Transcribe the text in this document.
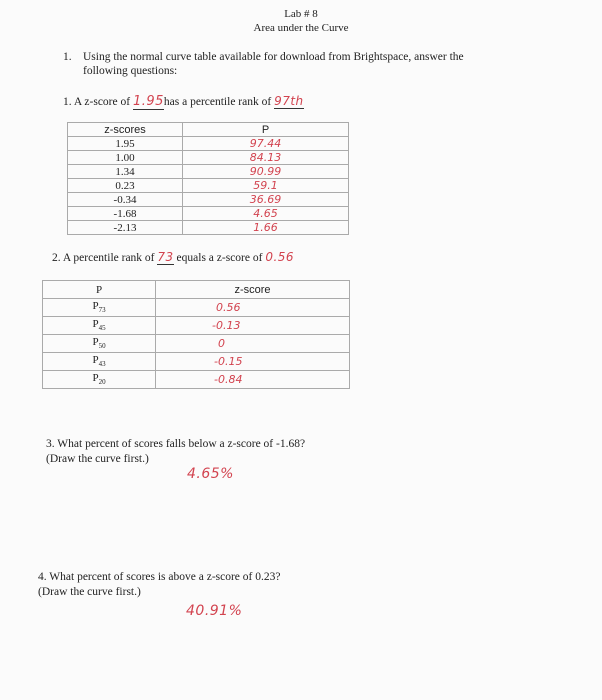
Lab # 8
Area under the Curve
1. Using the normal curve table available for download from Brightspace, answer the
following questions:
1. A z-score of 1.95has a percentile rank of 97th
z-scores	P
1.95	97.44
1.00	84.13
1.34	90.99
0.23	59.1
-0.34	36.69
-1.68	4.65
-2.13	1.66
2. A percentile rank of 73 equals a z-score of 0.56
P	z-score
$P_{73}$	0.56
$P_{45}$	-0.13
$P_{50}$	0
$P_{43}$	-0.15
$P_{20}$	-0.84
3. What percent of scores falls below a z-score of -1.68?
(Draw the curve first.)
4.65%
4. What percent of scores is above a z-score of 0.23?
(Draw the curve first.)
40.91%
